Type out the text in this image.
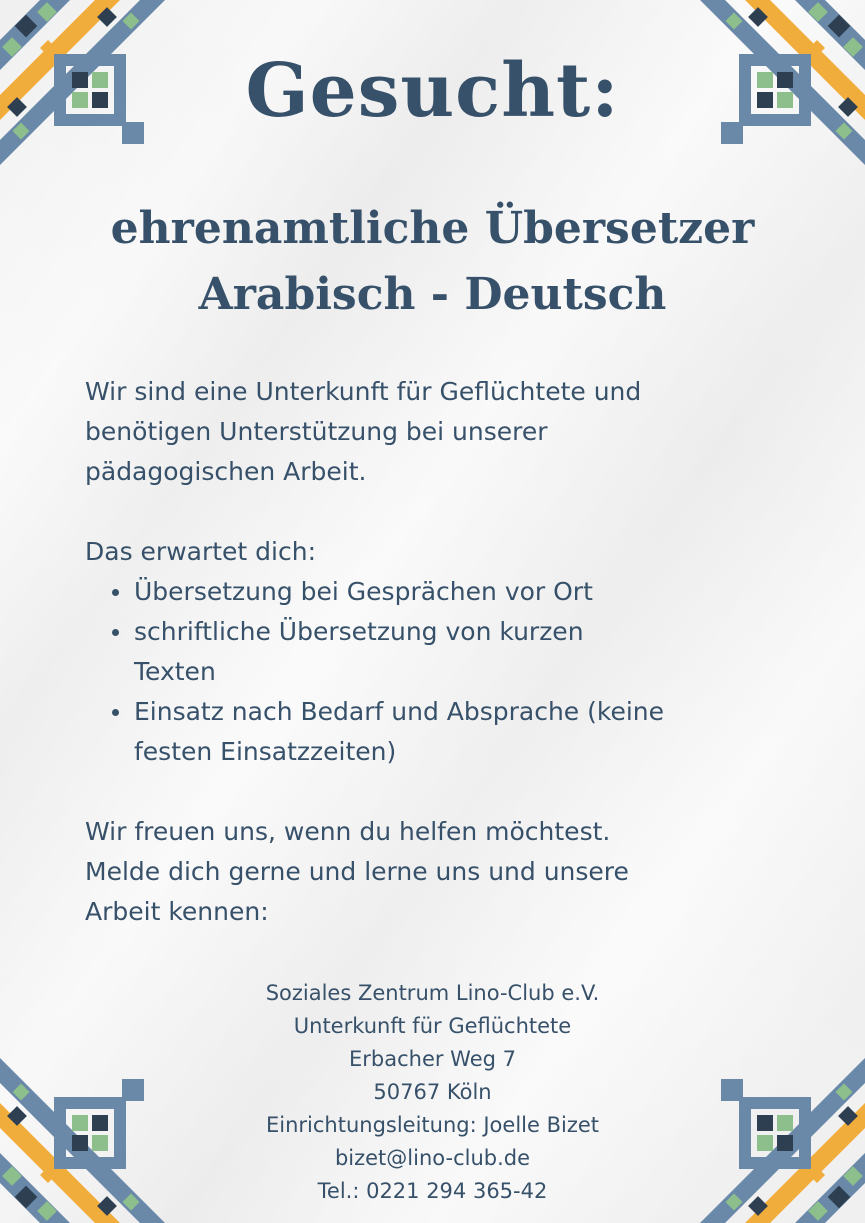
Gesucht:
ehrenamtliche Übersetzer
Arabisch - Deutsch
Wir sind eine Unterkunft für Geflüchtete und
benötigen Unterstützung bei unserer
pädagogischen Arbeit.
Das erwartet dich:
Übersetzung bei Gesprächen vor Ort
schriftliche Übersetzung von kurzen
Texten
Einsatz nach Bedarf und Absprache (keine
festen Einsatzzeiten)
Wir freuen uns, wenn du helfen möchtest.
Melde dich gerne und lerne uns und unsere
Arbeit kennen:
Soziales Zentrum Lino-Club e.V.
Unterkunft für Geflüchtete
Erbacher Weg 7
50767 Köln
Einrichtungsleitung: Joelle Bizet
bizet@lino-club.de
Tel.: 0221 294 365-42
